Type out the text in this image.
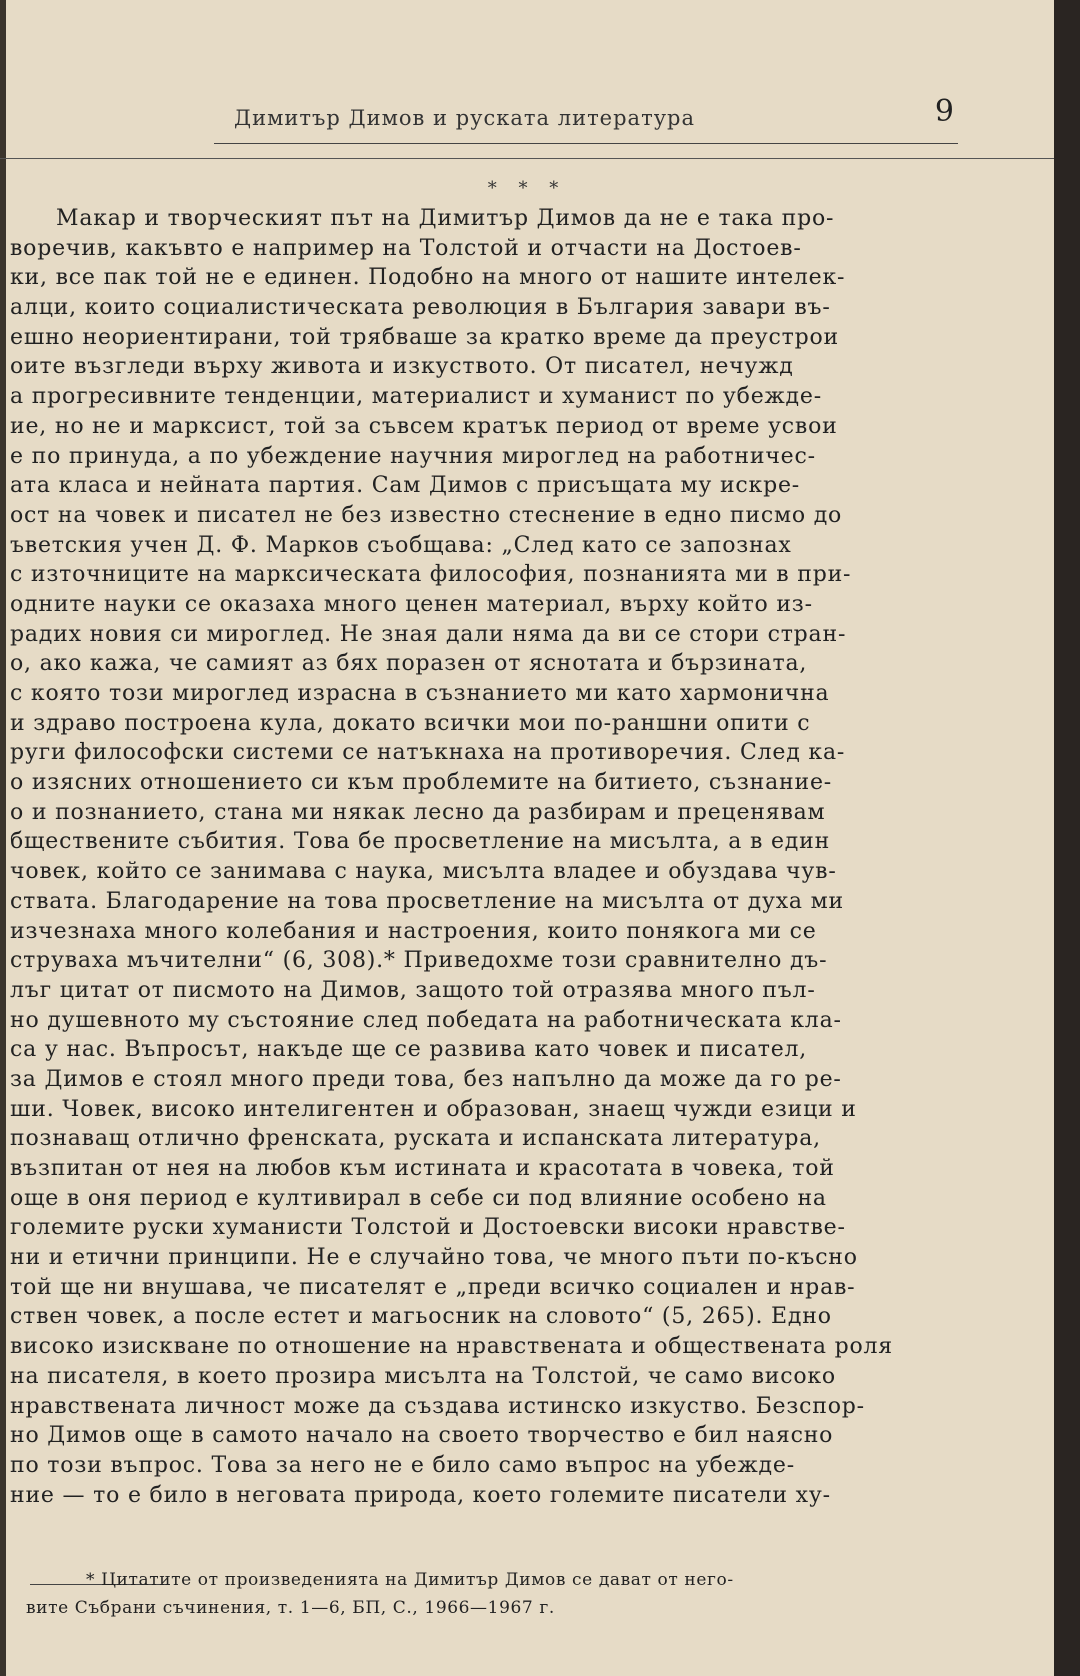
Димитър Димов и руската литература	9
* * *
Макар и творческият път на Димитър Димов да не е така про-
воречив, какъвто е например на Толстой и отчасти на Достоев-
ки, все пак той не е единен. Подобно на много от нашите интелек-
алци, които социалистическата революция в България завари въ-
ешно неориентирани, той трябваше за кратко време да преустрои
оите възгледи върху живота и изкуството. От писател, нечужд
а прогресивните тенденции, материалист и хуманист по убежде-
ие, но не и марксист, той за съвсем кратък период от време усвои
е по принуда, а по убеждение научния мироглед на работничес-
ата класа и нейната партия. Сам Димов с присъщата му искре-
ост на човек и писател не без известно стеснение в едно писмо до
ъветския учен Д. Ф. Марков съобщава: „След като се запознах
с източниците на марксическата философия, познанията ми в при-
одните науки се оказаха много ценен материал, върху който из-
радих новия си мироглед. Не зная дали няма да ви се стори стран-
о, ако кажа, че самият аз бях поразен от яснотата и бързината,
с която този мироглед израсна в съзнанието ми като хармонична
и здраво построена кула, докато всички мои по-раншни опити с
руги философски системи се натъкнаха на противоречия. След ка-
о изясних отношението си към проблемите на битието, съзнание-
о и познанието, стана ми някак лесно да разбирам и преценявам
бществените събития. Това бе просветление на мисълта, а в един
човек, който се занимава с наука, мисълта владее и обуздава чув-
ствата. Благодарение на това просветление на мисълта от духа ми
изчезнаха много колебания и настроения, които понякога ми се
струваха мъчителни“ (6, 308).* Приведохме този сравнително дъ-
лъг цитат от писмото на Димов, защото той отразява много пъл-
но душевното му състояние след победата на работническата кла-
са у нас. Въпросът, накъде ще се развива като човек и писател,
за Димов е стоял много преди това, без напълно да може да го ре-
ши. Човек, високо интелигентен и образован, знаещ чужди езици и
познаващ отлично френската, руската и испанската литература,
възпитан от нея на любов към истината и красотата в човека, той
още в оня период е култивирал в себе си под влияние особено на
големите руски хуманисти Толстой и Достоевски високи нравстве-
ни и етични принципи. Не е случайно това, че много пъти по-късно
той ще ни внушава, че писателят е „преди всичко социален и нрав-
ствен човек, а после естет и магьосник на словото“ (5, 265). Едно
високо изискване по отношение на нравствената и обществената роля
на писателя, в което прозира мисълта на Толстой, че само високо
нравствената личност може да създава истинско изкуство. Безспор-
но Димов още в самото начало на своето творчество е бил наясно
по този въпрос. Това за него не е било само въпрос на убежде-
ние — то е било в неговата природа, което големите писатели ху-
* Цитатите от произведенията на Димитър Димов се дават от него-
вите Събрани съчинения, т. 1—6, БП, С., 1966—1967 г.
